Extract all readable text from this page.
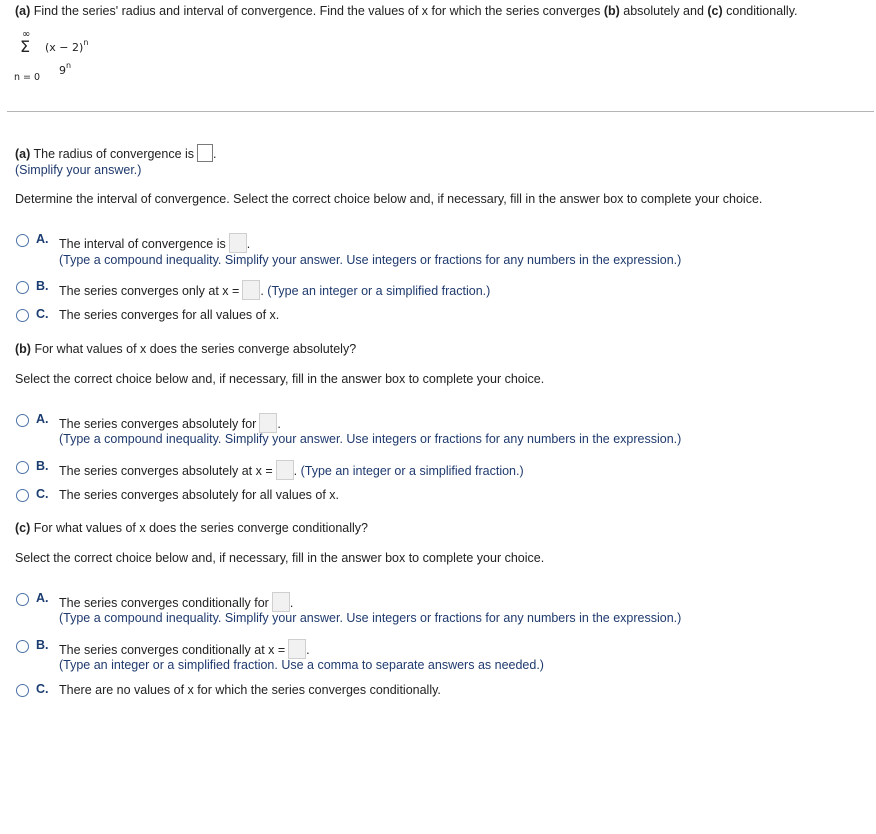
(a) Find the series' radius and interval of convergence. Find the values of x for which the series converges (b) absolutely and (c) conditionally.
∞
Σ
n = 0
$(x - 2)^n$
9$^n$
(a) The radius of convergence is .
(Simplify your answer.)
Determine the interval of convergence. Select the correct choice below and, if necessary, fill in the answer box to complete your choice.
A. The interval of convergence is .
(Type a compound inequality. Simplify your answer. Use integers or fractions for any numbers in the expression.)
B. The series converges only at x = . (Type an integer or a simplified fraction.)
C. The series converges for all values of x.
(b) For what values of x does the series converge absolutely?
Select the correct choice below and, if necessary, fill in the answer box to complete your choice.
A. The series converges absolutely for .
(Type a compound inequality. Simplify your answer. Use integers or fractions for any numbers in the expression.)
B. The series converges absolutely at x = . (Type an integer or a simplified fraction.)
C. The series converges absolutely for all values of x.
(c) For what values of x does the series converge conditionally?
Select the correct choice below and, if necessary, fill in the answer box to complete your choice.
A. The series converges conditionally for .
(Type a compound inequality. Simplify your answer. Use integers or fractions for any numbers in the expression.)
B. The series converges conditionally at x = .
(Type an integer or a simplified fraction. Use a comma to separate answers as needed.)
C. There are no values of x for which the series converges conditionally.
